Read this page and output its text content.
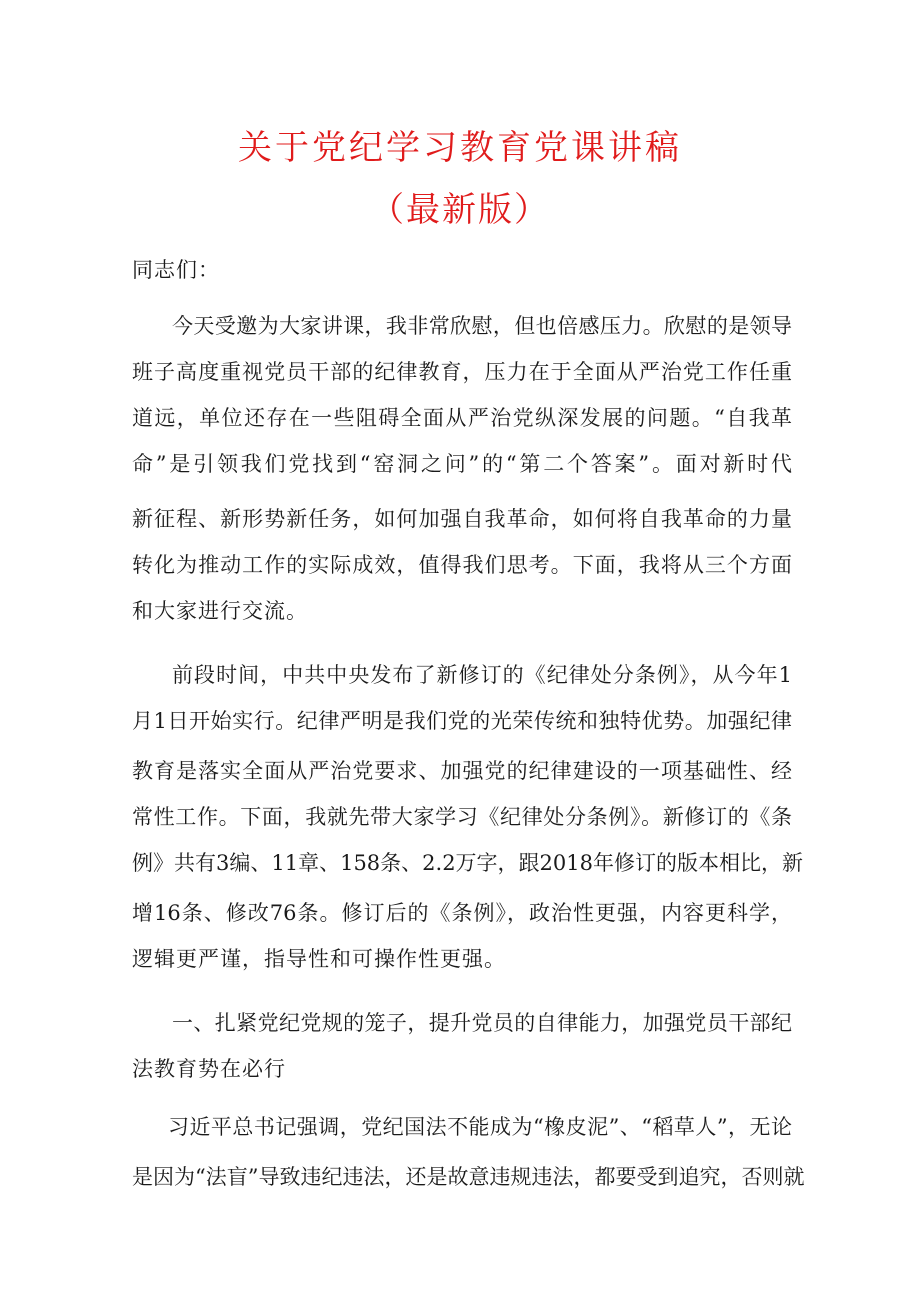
关于党纪学习教育党课讲稿
（最新版）
同志们：
今天受邀为大家讲课，我非常欣慰，但也倍感压力。欣慰的是领导
班子高度重视党员干部的纪律教育，压力在于全面从严治党工作任重
道远，单位还存在一些阻碍全面从严治党纵深发展的问题。“自我革
命”是引领我们党找到“窑洞之问”的“第二个答案”。面对新时代
新征程、新形势新任务，如何加强自我革命，如何将自我革命的力量
转化为推动工作的实际成效，值得我们思考。下面，我将从三个方面
和大家进行交流。
前段时间，中共中央发布了新修订的《纪律处分条例》，从今年1
月1日开始实行。纪律严明是我们党的光荣传统和独特优势。加强纪律
教育是落实全面从严治党要求、加强党的纪律建设的一项基础性、经
常性工作。下面，我就先带大家学习《纪律处分条例》。新修订的《条
例》共有3编、11章、158条、2.2万字，跟2018年修订的版本相比，新
增16条、修改76条。修订后的《条例》，政治性更强，内容更科学，
逻辑更严谨，指导性和可操作性更强。
一、扎紧党纪党规的笼子，提升党员的自律能力，加强党员干部纪
法教育势在必行
习近平总书记强调，党纪国法不能成为“橡皮泥”、“稻草人”，无论
是因为“法盲”导致违纪违法，还是故意违规违法，都要受到追究，否则就
